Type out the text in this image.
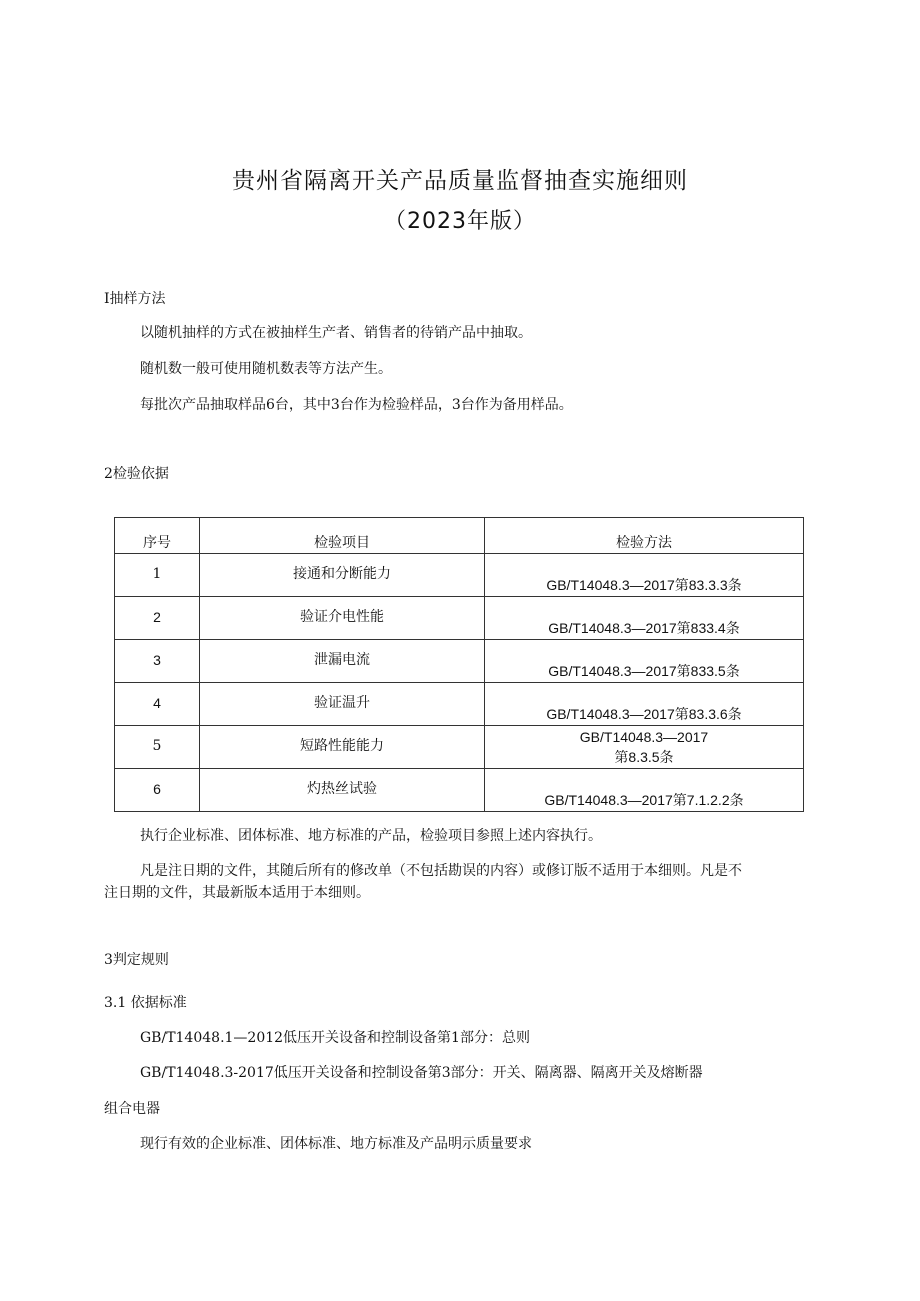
贵州省隔离开关产品质量监督抽查实施细则
（2023年版）
I抽样方法
以随机抽样的方式在被抽样生产者、销售者的待销产品中抽取。
随机数一般可使用随机数表等方法产生。
每批次产品抽取样品6台，其中3台作为检验样品，3台作为备用样品。
2检验依据
序号	检验项目	检验方法

1	接通和分断能力	GB/T14048.3—2017第83.3.3条

2	验证介电性能	GB/T14048.3—2017第833.4条

3	泄漏电流	GB/T14048.3—2017第833.5条

4	验证温升	GB/T14048.3—2017第83.3.6条

5	短路性能能力	GB/T14048.3—2017
第8.3.5条

6	灼热丝试验	GB/T14048.3—2017第7.1.2.2条
执行企业标准、团体标准、地方标准的产品，检验项目参照上述内容执行。
凡是注日期的文件，其随后所有的修改单（不包括勘误的内容）或修订版不适用于本细则。凡是不
注日期的文件，其最新版本适用于本细则。
3判定规则
3.1 依据标准
GB/T14048.1—2012低压开关设备和控制设备第1部分：总则
GB/T14048.3-2017低压开关设备和控制设备第3部分：开关、隔离器、隔离开关及熔断器
组合电器
现行有效的企业标准、团体标准、地方标准及产品明示质量要求
